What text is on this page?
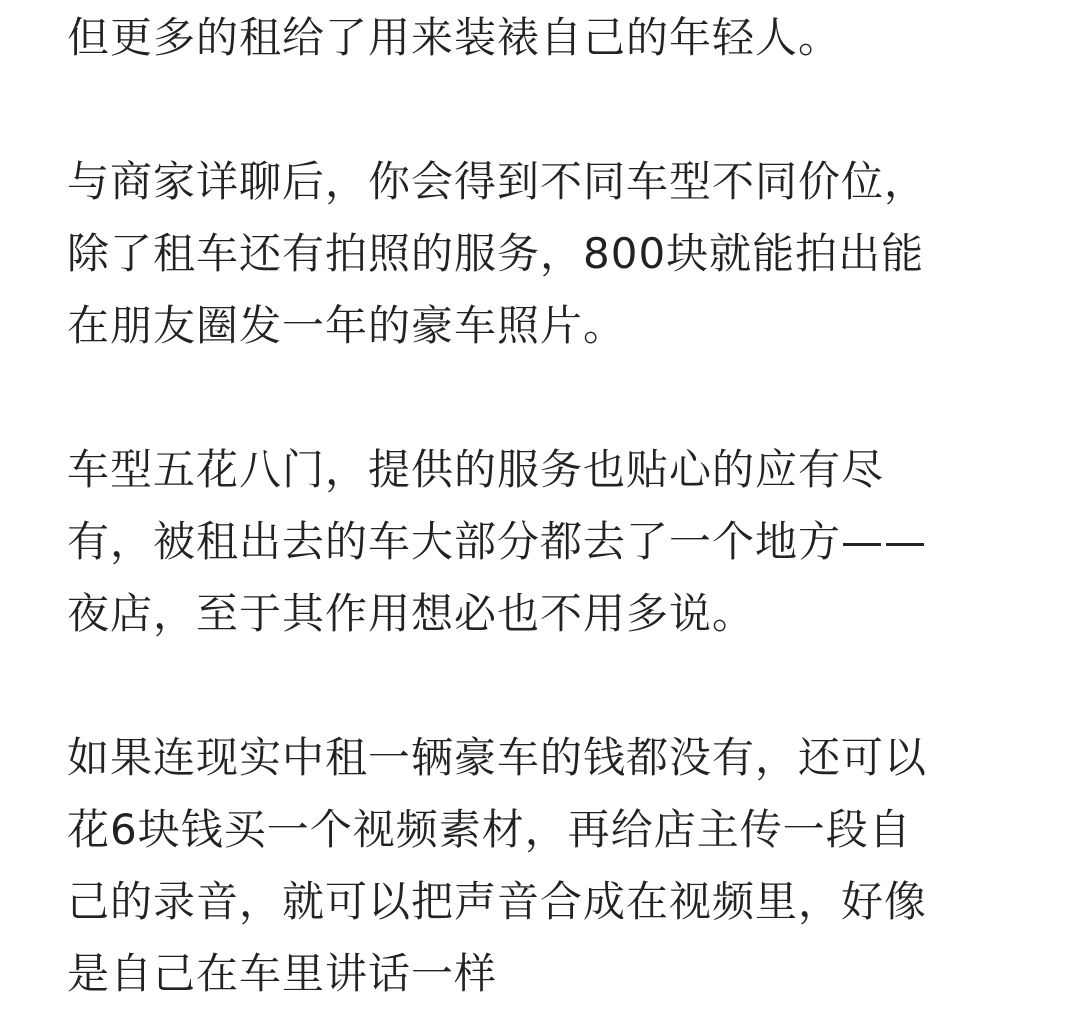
但更多的租给了用来装裱自己的年轻人。
与商家详聊后，你会得到不同车型不同价位，
除了租车还有拍照的服务，800块就能拍出能
在朋友圈发一年的豪车照片。
车型五花八门，提供的服务也贴心的应有尽
有，被租出去的车大部分都去了一个地方——
夜店，至于其作用想必也不用多说。
如果连现实中租一辆豪车的钱都没有，还可以
花6块钱买一个视频素材，再给店主传一段自
己的录音，就可以把声音合成在视频里，好像
是自己在车里讲话一样
